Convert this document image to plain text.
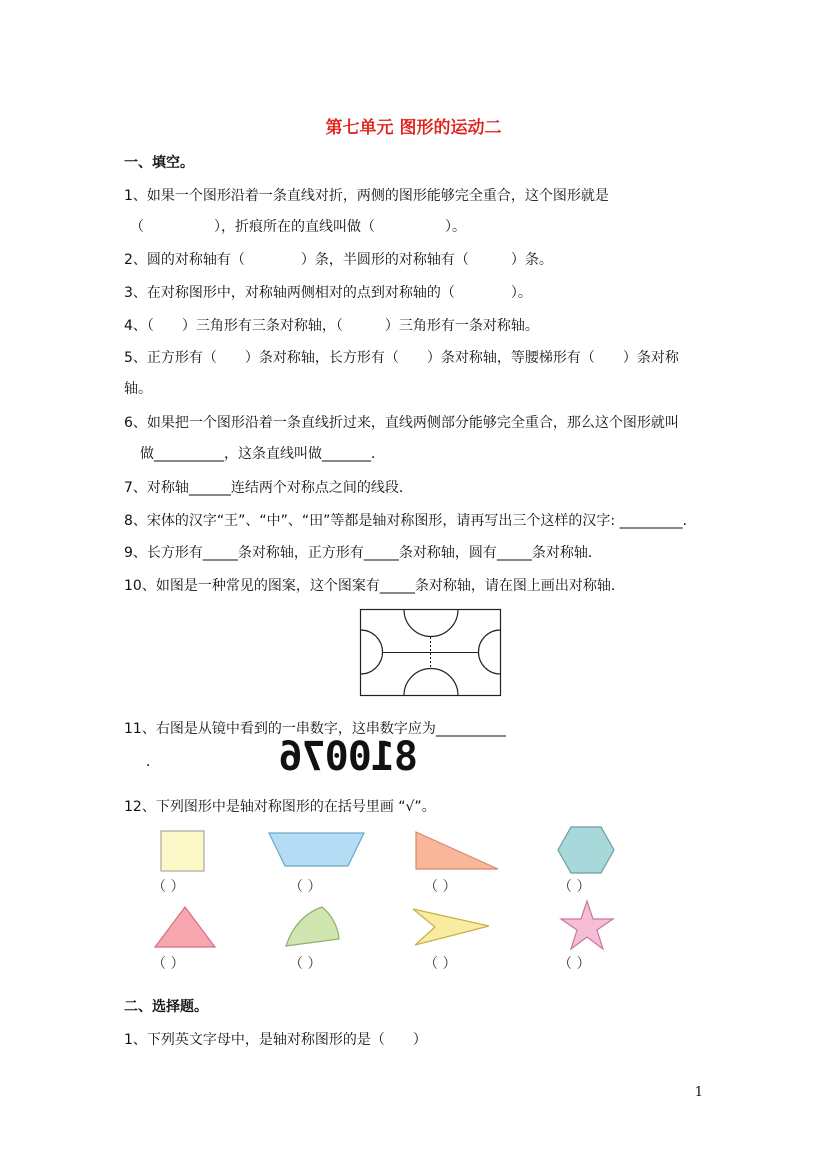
第七单元 图形的运动二
一、填空。
1、如果一个图形沿着一条直线对折，两侧的图形能够完全重合，这个图形就是
（　　　　　），折痕所在的直线叫做（　　　　　）。
2、圆的对称轴有（　　　　）条，半圆形的对称轴有（　　　）条。
3、在对称图形中，对称轴两侧相对的点到对称轴的（　　　　）。
4、（　　）三角形有三条对称轴，（　　　）三角形有一条对称轴。
5、正方形有（　　）条对称轴，长方形有（　　）条对称轴，等腰梯形有（　　）条对称
轴。
6、如果把一个图形沿着一条直线折过来，直线两侧部分能够完全重合，那么这个图形就叫
做__________，这条直线叫做_______．
7、对称轴______连结两个对称点之间的线段．
8、宋体的汉字“王”、“中”、“田”等都是轴对称图形，请再写出三个这样的汉字: _________．
9、长方形有_____条对称轴，正方形有_____条对称轴，圆有_____条对称轴．
10、如图是一种常见的图案，这个图案有_____条对称轴，请在图上画出对称轴．
11、右图是从镜中看到的一串数字，这串数字应为__________
．	810076
12、下列图形中是轴对称图形的在括号里画 “√”。
（ ）	（ ）	（ ）	（ ）
（ ）	（ ）	（ ）	（ ）
二、选择题。
1、下列英文字母中，是轴对称图形的是（　　）
1
